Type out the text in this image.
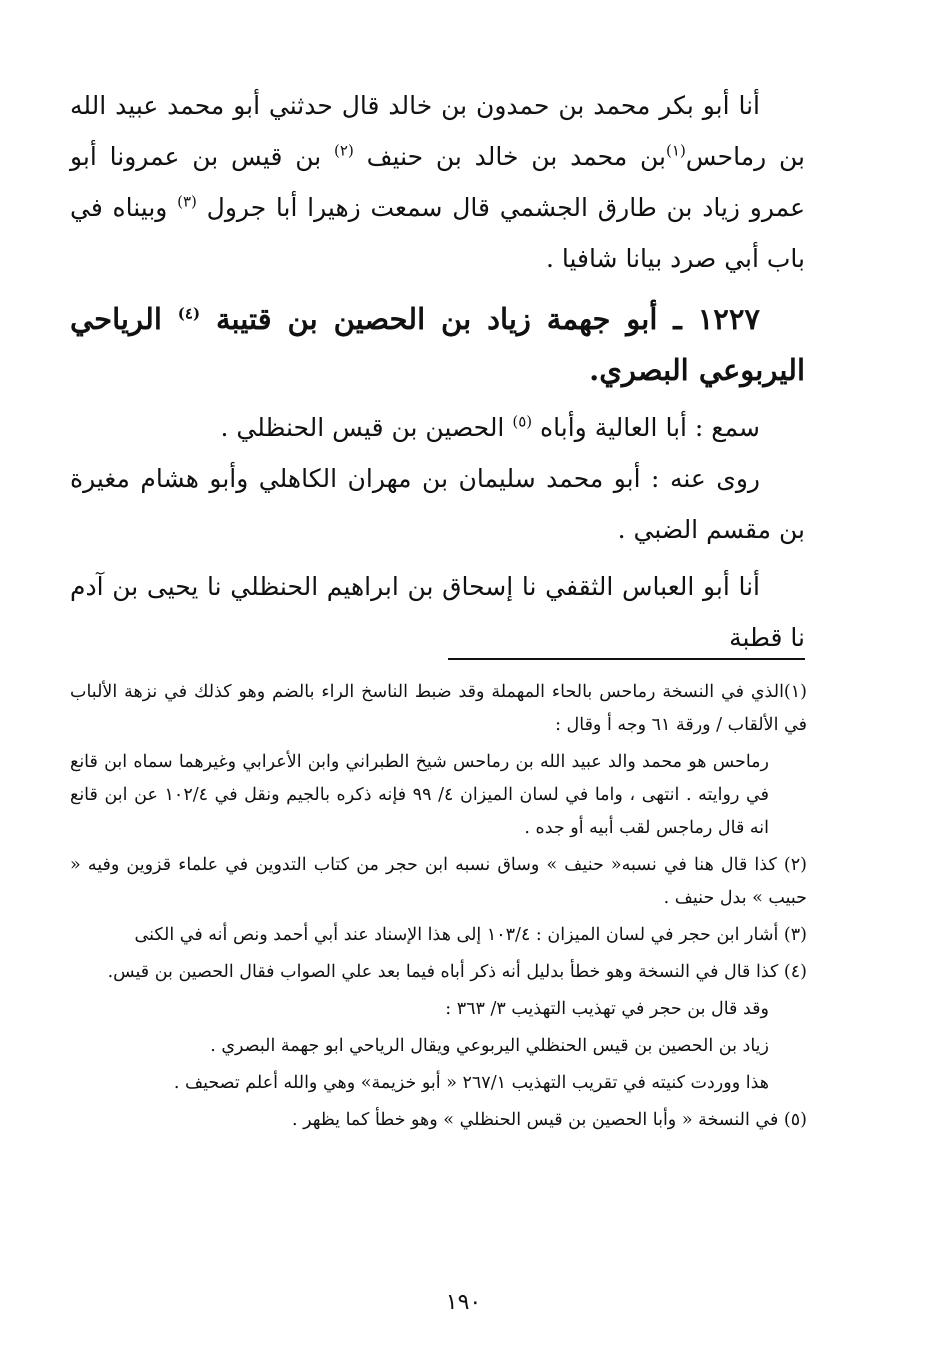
أنا أبو بكر محمد بن حمدون بن خالد قال حدثني أبو محمد عبيد الله بن رماحس$^{(١)}$بن محمد بن خالد بن حنيف $^{(٢)}$ بن قيس بن عمرونا أبو عمرو زياد بن طارق الجشمي قال سمعت زهيرا أبا جرول $^{(٣)}$ وبيناه في باب أبي صرد بيانا شافيا .

١٢٢٧ ـ أبو جهمة زياد بن الحصين بن قتيبة $^{(٤)}$ الرياحي اليربوعي البصري.

سمع : أبا العالية وأباه $^{(٥)}$ الحصين بن قيس الحنظلي .

روى عنه : أبو محمد سليمان بن مهران الكاهلي وأبو هشام مغيرة بن مقسم الضبي .

أنا أبو العباس الثقفي نا إسحاق بن ابراهيم الحنظلي نا يحيى بن آدم نا قطبة

(١)الذي في النسخة رماحس بالحاء المهملة وقد ضبط الناسخ الراء بالضم وهو كذلك في نزهة الألباب في الألقاب / ورقة ٦١ وجه أ وقال :

رماحس هو محمد والد عبيد الله بن رماحس شيخ الطبراني وابن الأعرابي وغيرهما سماه ابن قانع في روايته . انتهى ، واما في لسان الميزان ٤/ ٩٩ فإنه ذكره بالجيم ونقل في ١٠٢/٤ عن ابن قانع انه قال رماجس لقب أبيه أو جده .

(٢) كذا قال هنا في نسبه« حنيف » وساق نسبه ابن حجر من كتاب التدوين في علماء قزوين وفيه « حبيب » بدل حنيف .

(٣) أشار ابن حجر في لسان الميزان : ١٠٣/٤ إلى هذا الإسناد عند أبي أحمد ونص أنه في الكنى

(٤) كذا قال في النسخة وهو خطأ بدليل أنه ذكر أباه فيما بعد علي الصواب فقال الحصين بن قيس.

وقد قال بن حجر في تهذيب التهذيب ٣/ ٣٦٣ :

زياد بن الحصين بن قيس الحنظلي اليربوعي ويقال الرياحي ابو جهمة البصري .

هذا ووردت كنيته في تقريب التهذيب ٢٦٧/١ « أبو خزيمة» وهي والله أعلم تصحيف .

(٥) في النسخة « وأبا الحصين بن قيس الحنظلي » وهو خطأ كما يظهر .

١٩٠
